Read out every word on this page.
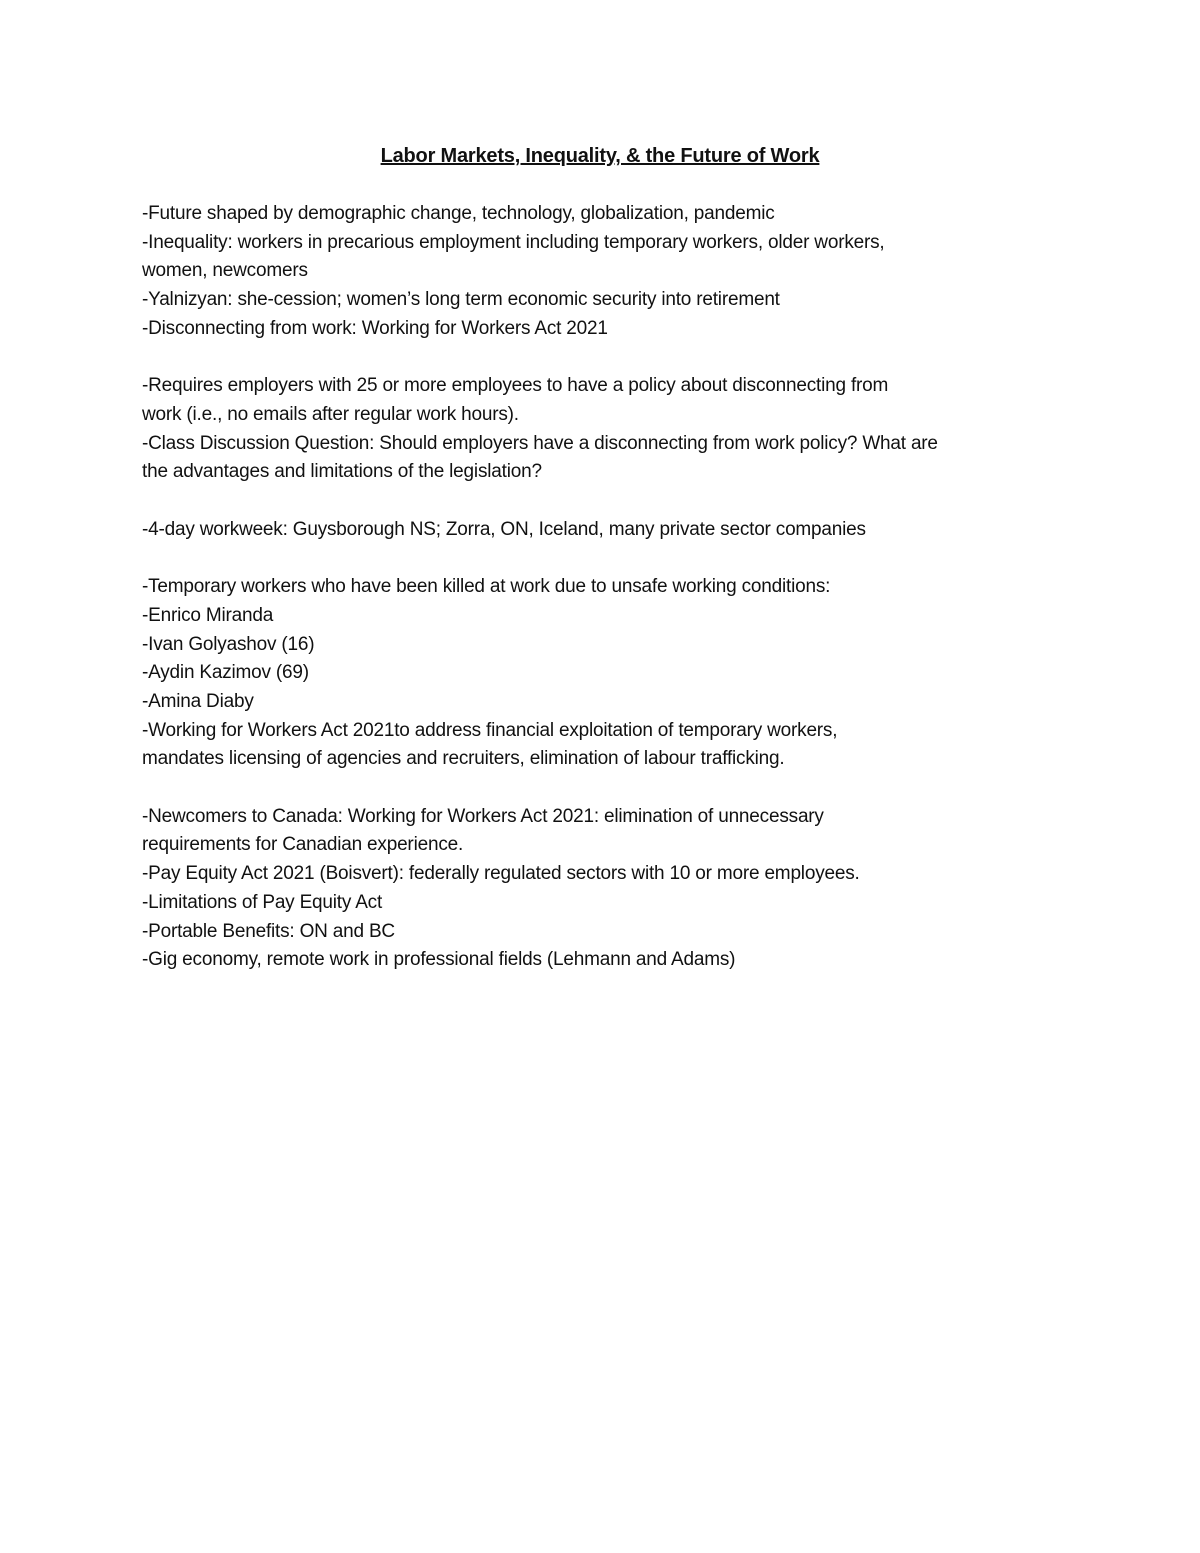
Labor Markets, Inequality, & the Future of Work
-Future shaped by demographic change, technology, globalization, pandemic
-Inequality: workers in precarious employment including temporary workers, older workers,
women, newcomers
-Yalnizyan: she-cession; women’s long term economic security into retirement
-Disconnecting from work: Working for Workers Act 2021
-Requires employers with 25 or more employees to have a policy about disconnecting from
work (i.e., no emails after regular work hours).
-Class Discussion Question: Should employers have a disconnecting from work policy? What are
the advantages and limitations of the legislation?
-4-day workweek: Guysborough NS; Zorra, ON, Iceland, many private sector companies
-Temporary workers who have been killed at work due to unsafe working conditions:
-Enrico Miranda
-Ivan Golyashov (16)
-Aydin Kazimov (69)
-Amina Diaby
-Working for Workers Act 2021to address financial exploitation of temporary workers,
mandates licensing of agencies and recruiters, elimination of labour trafficking.
-Newcomers to Canada: Working for Workers Act 2021: elimination of unnecessary
requirements for Canadian experience.
-Pay Equity Act 2021 (Boisvert): federally regulated sectors with 10 or more employees.
-Limitations of Pay Equity Act
-Portable Benefits: ON and BC
-Gig economy, remote work in professional fields (Lehmann and Adams)
